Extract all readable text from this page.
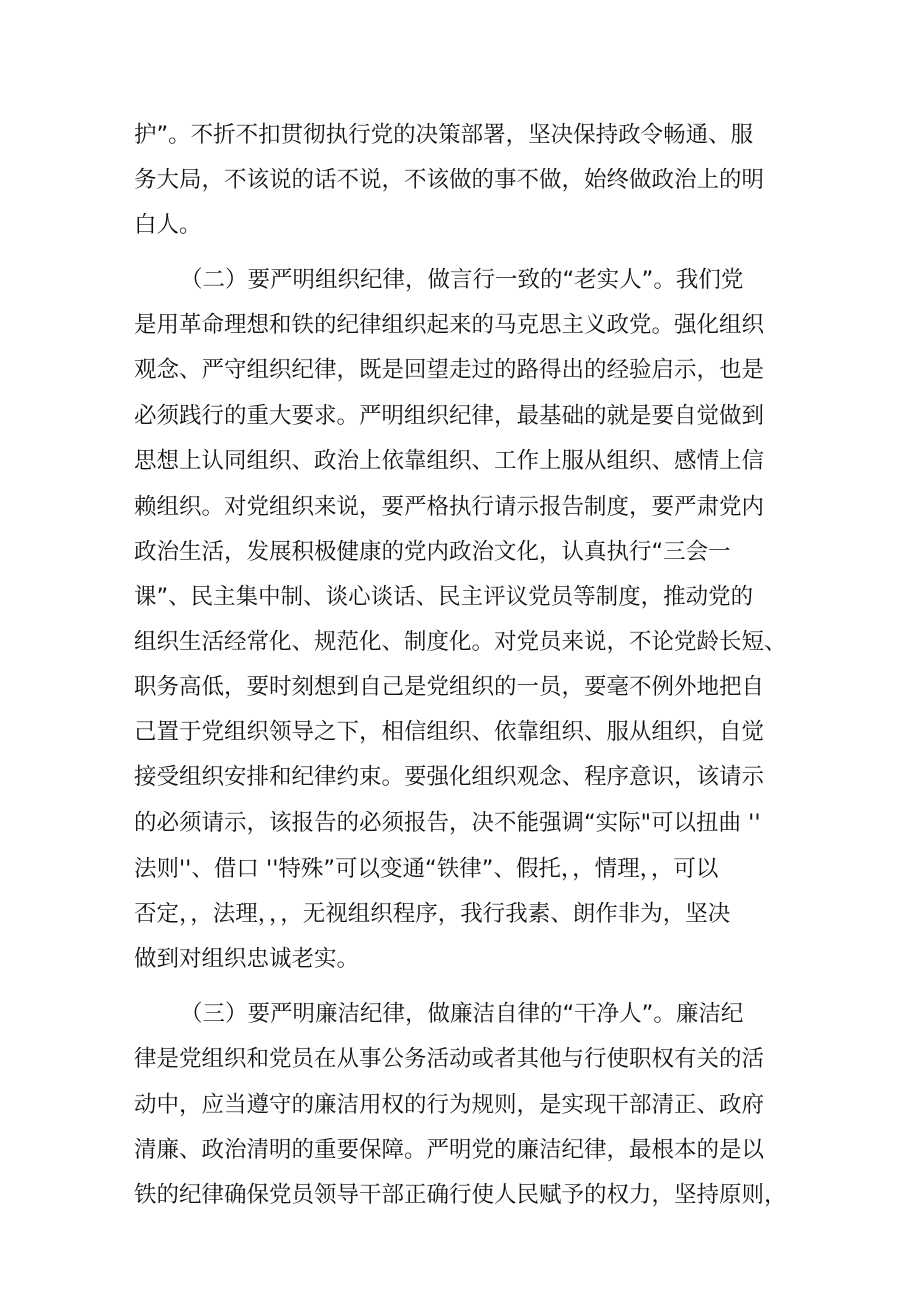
护”。不折不扣贯彻执行党的决策部署，坚决保持政令畅通、服
务大局，不该说的话不说，不该做的事不做，始终做政治上的明
白人。
（二）要严明组织纪律，做言行一致的“老实人”。我们党
是用革命理想和铁的纪律组织起来的马克思主义政党。强化组织
观念、严守组织纪律，既是回望走过的路得出的经验启示，也是
必须践行的重大要求。严明组织纪律，最基础的就是要自觉做到
思想上认同组织、政治上依靠组织、工作上服从组织、感情上信
赖组织。对党组织来说，要严格执行请示报告制度，要严肃党内
政治生活，发展积极健康的党内政治文化，认真执行“三会一
课”、民主集中制、谈心谈话、民主评议党员等制度，推动党的
组织生活经常化、规范化、制度化。对党员来说，不论党龄长短、
职务高低，要时刻想到自己是党组织的一员，要毫不例外地把自
己置于党组织领导之下，相信组织、依靠组织、服从组织，自觉
接受组织安排和纪律约束。要强化组织观念、程序意识，该请示
的必须请示，该报告的必须报告，决不能强调“实际"可以扭曲 ''
法则''、借口 ''特殊”可以变通“铁律”、假托，，情理，，可以
否定，，法理，，，无视组织程序，我行我素、朗作非为，坚决
做到对组织忠诚老实。
（三）要严明廉洁纪律，做廉洁自律的“干净人”。廉洁纪
律是党组织和党员在从事公务活动或者其他与行使职权有关的活
动中，应当遵守的廉洁用权的行为规则，是实现干部清正、政府
清廉、政治清明的重要保障。严明党的廉洁纪律，最根本的是以
铁的纪律确保党员领导干部正确行使人民赋予的权力，坚持原则，
